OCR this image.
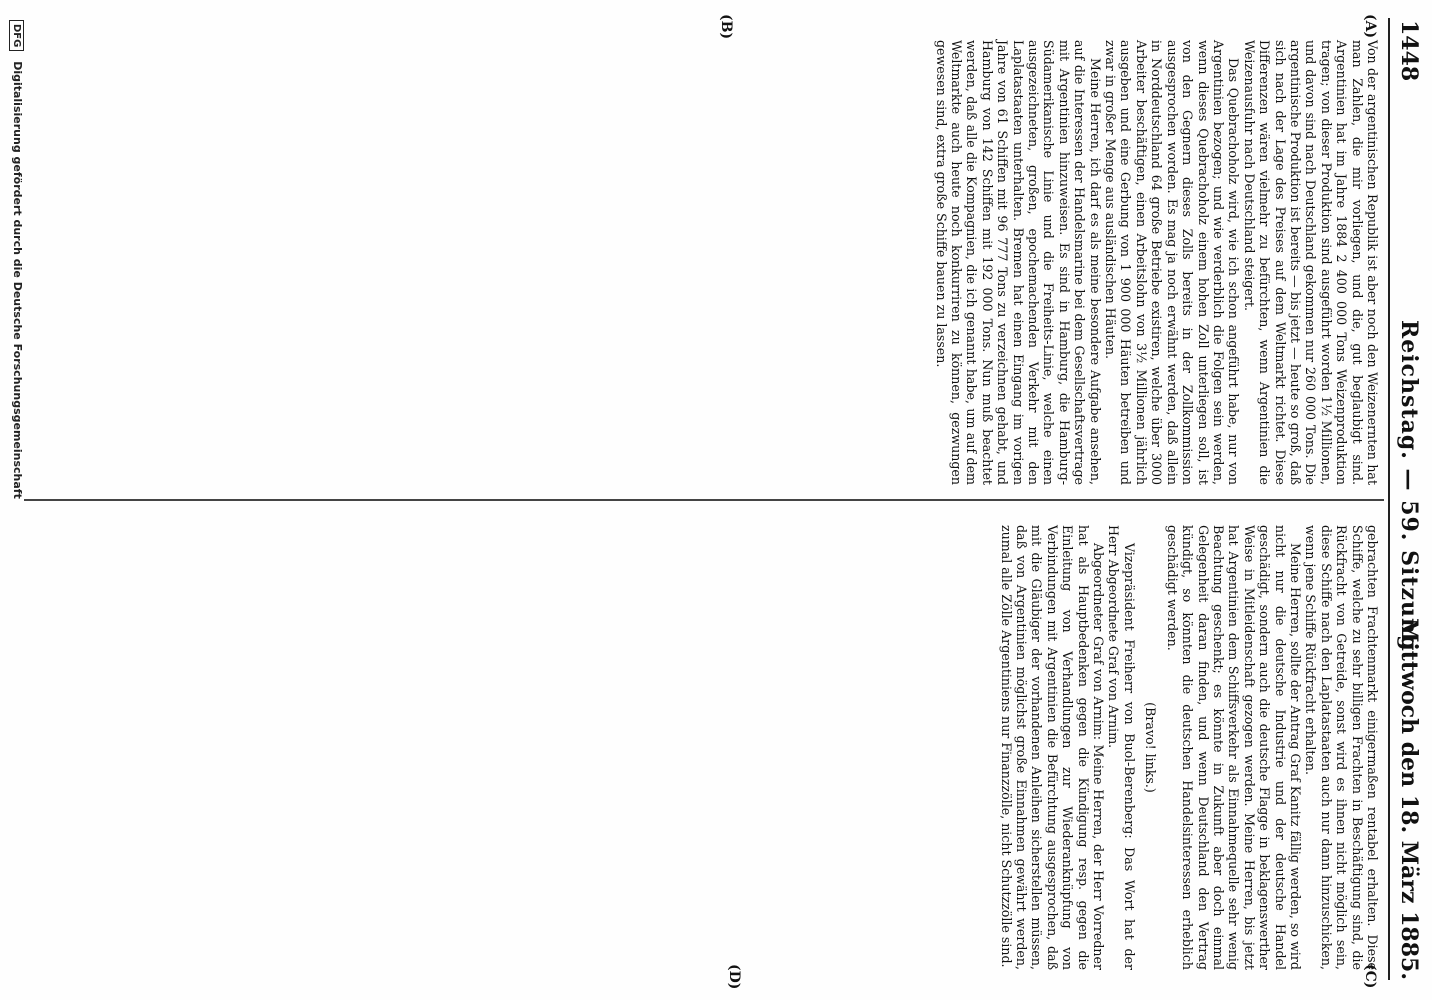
1448
Reichstag. — 59. Sitzung.
Mittwoch den 18. März 1885.
(A)
(B)
(C)
(D)

Von der argentinischen Republik ist aber noch den Weizenernten hat man Zahlen, die mir vorliegen, und die, gut beglaubigt sind. Argentinien hat im Jahre 1884 2 400 000 Tons Weizenproduktion tragen; von dieser Produktion sind ausgeführt worden 1½ Millionen, und davon sind nach Deutschland gekommen nur 260 000 Tons. Die argentinische Produktion ist bereits — bis jetzt — heute so groß, daß sich nach der Lage des Preises auf dem Weltmarkt richtet. Diese Differenzen wären vielmehr zu befürchten, wenn Argentinien die Weizenausfuhr nach Deutschland steigert.

Das Quebrachoholz wird, wie ich schon angeführt habe, nur von Argentinien bezogen; und wie verderblich die Folgen sein werden, wenn dieses Quebrachoholz einem hohen Zoll unterliegen soll, ist von den Gegnern dieses Zolls bereits in der Zollkommission ausgesprochen worden. Es mag ja noch erwähnt werden, daß allein in Norddeutschland 64 große Betriebe existiren, welche über 3000 Arbeiter beschäftigen, einen Arbeitslohn von 3½ Millionen jährlich ausgeben und eine Gerbung von 1 900 000 Häuten betreiben und zwar in großer Menge aus ausländischen Häuten.

Meine Herren, ich darf es als meine besondere Aufgabe ansehen, auf die Interessen der Handelsmarine bei dem Gesellschaftsvertrage mit Argentinien hinzuweisen. Es sind in Hamburg, die Hamburg-Südamerikanische Linie und die Freiheits-Linie, welche einen ausgezeichneten, großen, epochemachenden Verkehr mit den Laplatastaaten unterhalten. Bremen hat einen Eingang im vorigen Jahre von 61 Schiffen mit 96 777 Tons zu verzeichnen gehabt, und Hamburg von 142 Schiffen mit 192 000 Tons. Nun muß beachtet werden, daß alle die Kompagnien, die ich genannt habe, um auf dem Weltmarkte auch heute noch konkurriren zu können, gezwungen gewesen sind, extra große Schiffe bauen zu lassen.

gebrachten Frachtenmarkt einigermaßen rentabel erhalten. Diese Schiffe, welche zu sehr billigen Frachten in Beschäftigung sind, die Rückfracht von Getreide, sonst wird es ihnen nicht möglich sein, diese Schiffe nach den Laplatastaaten auch nur dann hinzuschicken, wenn jene Schiffe Rückfracht erhalten.

Meine Herren, sollte der Antrag Graf Kanitz fällig werden, so wird nicht nur die deutsche Industrie und der deutsche Handel geschädigt, sondern auch die deutsche Flagge in beklagenswerther Weise in Mitleidenschaft gezogen werden. Meine Herren, bis jetzt hat Argentinien dem Schiffsverkehr als Einnahmequelle sehr wenig Beachtung geschenkt; es könnte in Zukunft aber doch einmal Gelegenheit daran finden, und wenn Deutschland den Vertrag kündigt, so könnten die deutschen Handelsinteressen erheblich geschädigt werden.

(Bravo! links.)

Vizepräsident Freiherr von Buol-Berenberg: Das Wort hat der Herr Abgeordnete Graf von Arnim.

Abgeordneter Graf von Arnim: Meine Herren, der Herr Vorredner hat als Hauptbedenken gegen die Kündigung resp. gegen die Einleitung von Verhandlungen zur Wiederanknüpfung von Verbindungen mit Argentinien die Befürchtung ausgesprochen, daß mit die Gläubiger der vorhandenen Anleihen sicherstellen müssen, daß von Argentinien möglichst große Einnahmen gewährt werden, zumal alle Zölle Argentiniens nur Finanzzölle, nicht Schutzzölle sind.

DFG Digitalisierung gefördert durch die Deutsche Forschungsgemeinschaft
